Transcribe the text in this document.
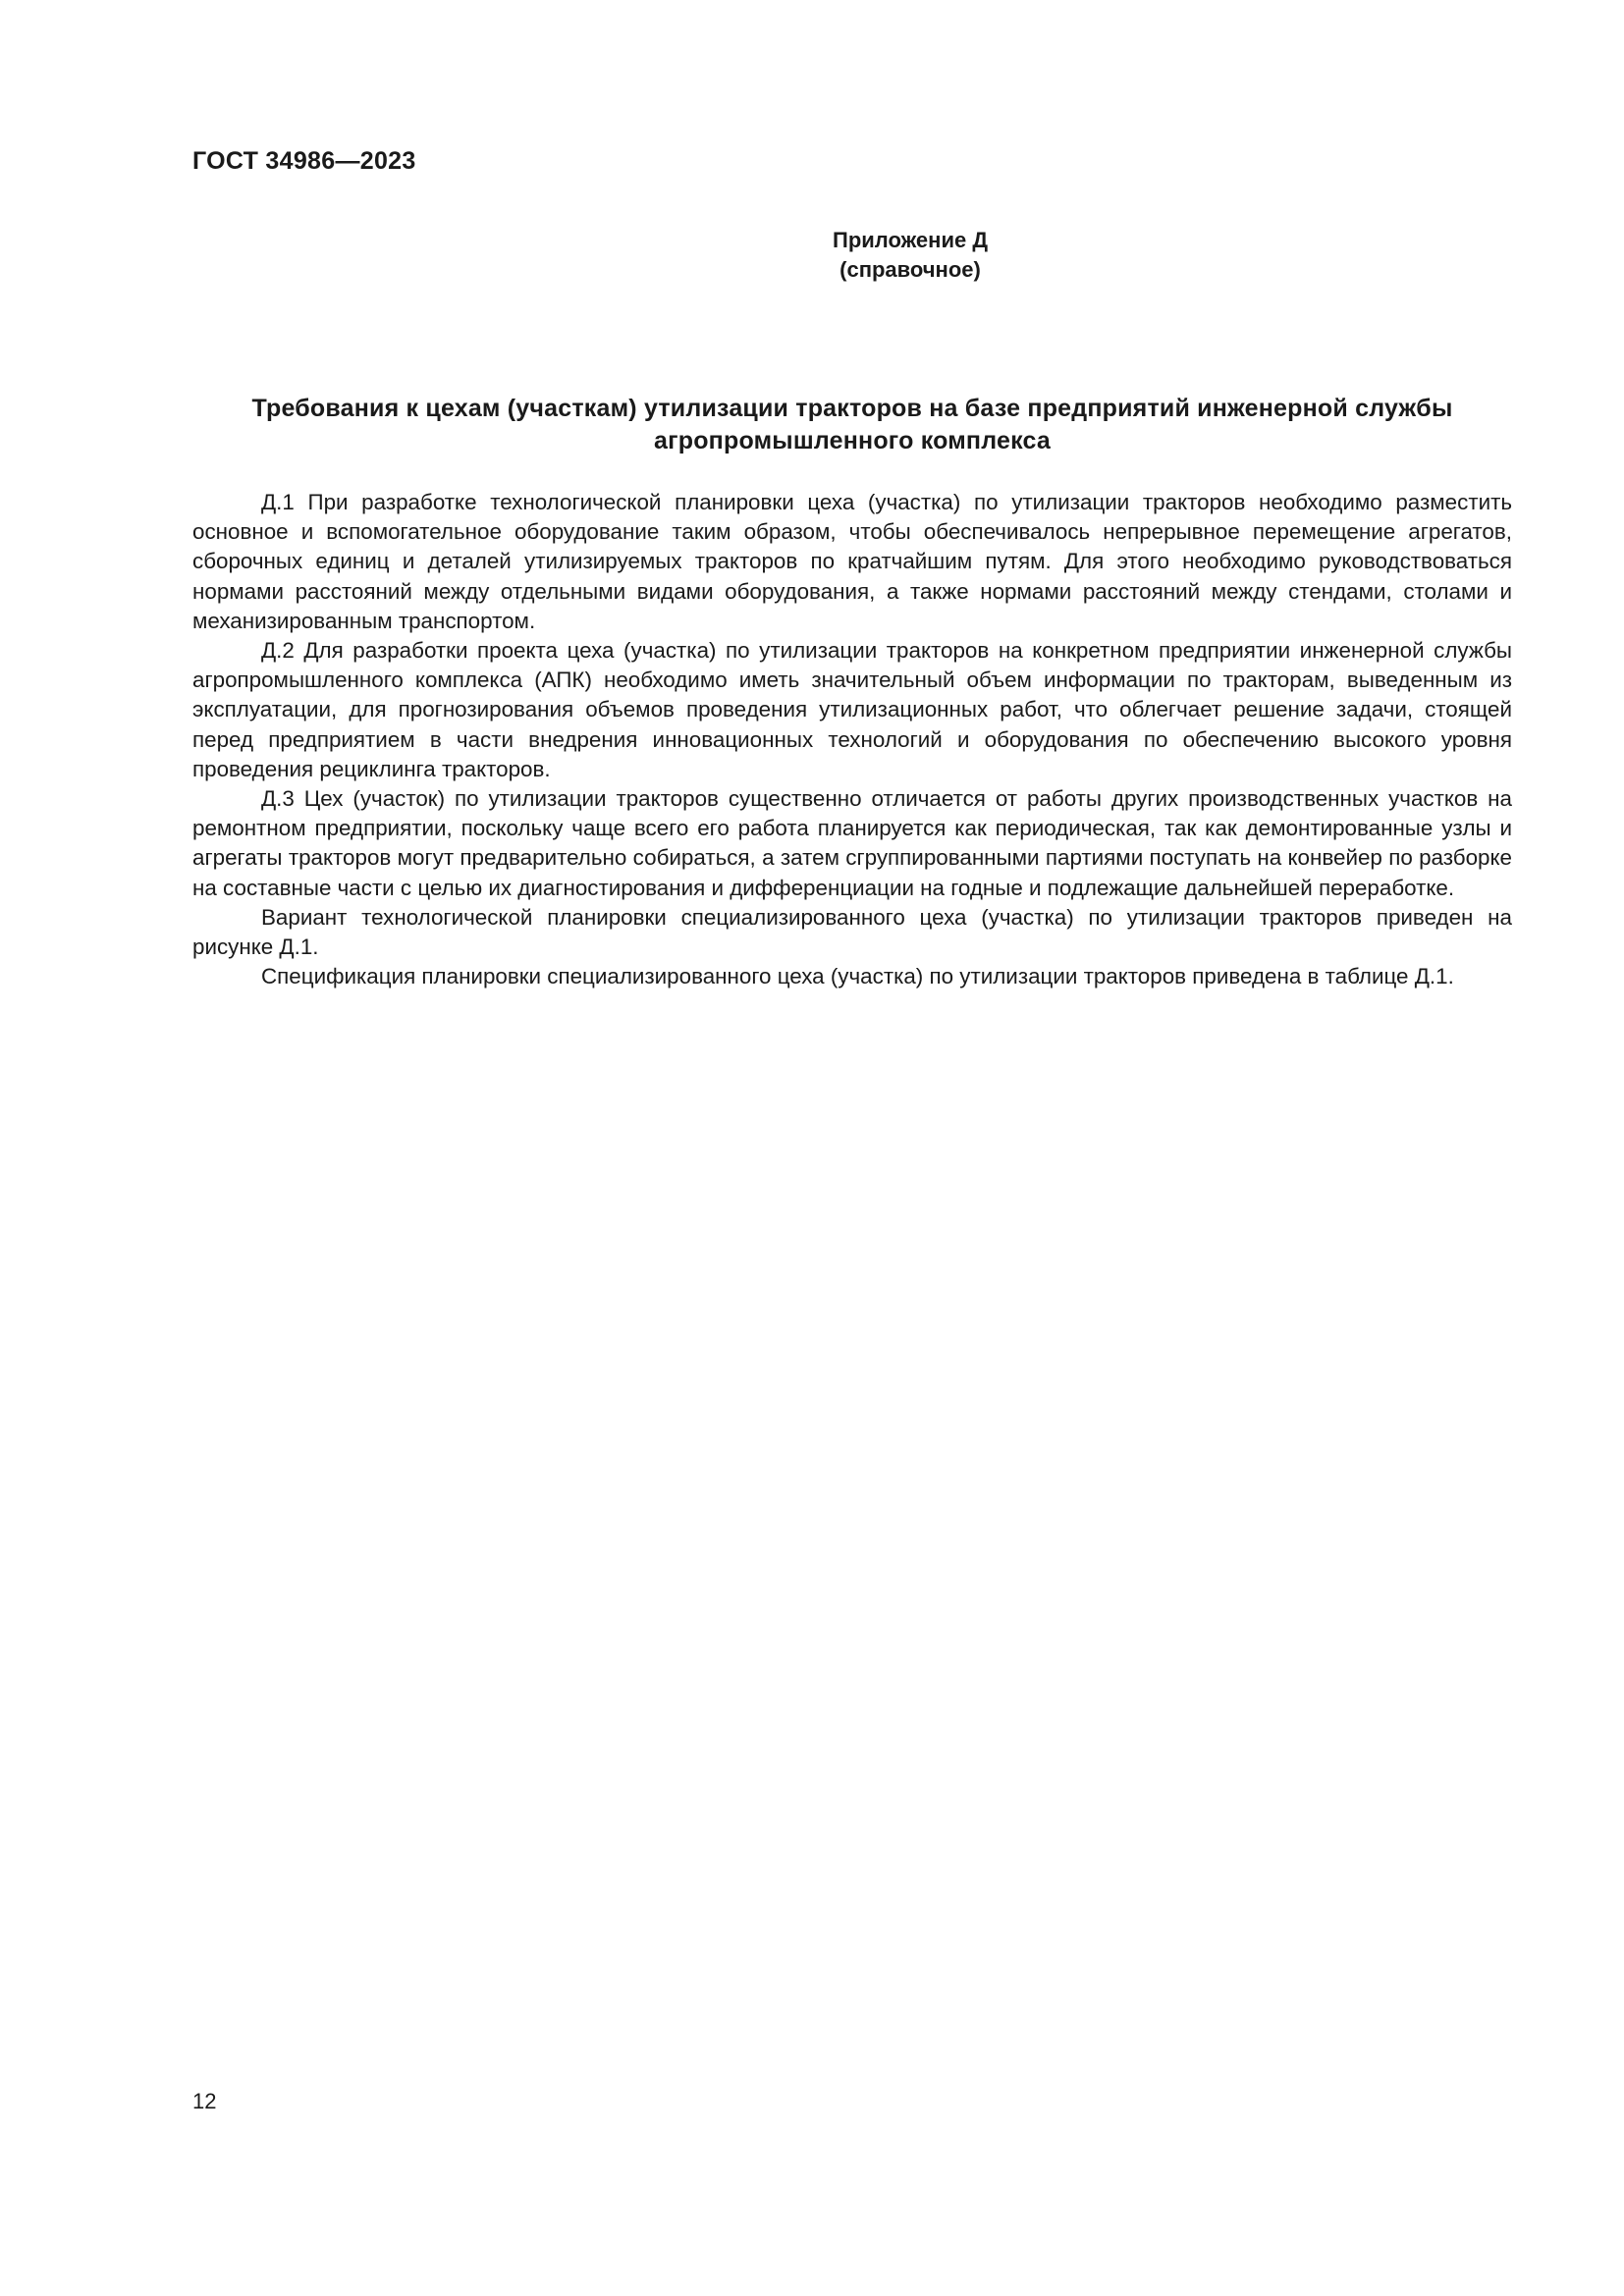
ГОСТ 34986—2023
Приложение Д
(справочное)
Требования к цехам (участкам) утилизации тракторов на базе предприятий инженерной службы
агропромышленного комплекса

Д.1 При разработке технологической планировки цеха (участка) по утилизации тракторов необходимо разместить основное и вспомогательное оборудование таким образом, чтобы обеспечивалось непрерывное перемещение агрегатов, сборочных единиц и деталей утилизируемых тракторов по кратчайшим путям. Для этого необходимо руководствоваться нормами расстояний между отдельными видами оборудования, а также нормами расстояний между стендами, столами и механизированным транспортом.

Д.2 Для разработки проекта цеха (участка) по утилизации тракторов на конкретном предприятии инженерной службы агропромышленного комплекса (АПК) необходимо иметь значительный объем информации по тракторам, выведенным из эксплуатации, для прогнозирования объемов проведения утилизационных работ, что облегчает решение задачи, стоящей перед предприятием в части внедрения инновационных технологий и оборудования по обеспечению высокого уровня проведения рециклинга тракторов.

Д.3 Цех (участок) по утилизации тракторов существенно отличается от работы других производственных участков на ремонтном предприятии, поскольку чаще всего его работа планируется как периодическая, так как демонтированные узлы и агрегаты тракторов могут предварительно собираться, а затем сгруппированными партиями поступать на конвейер по разборке на составные части с целью их диагностирования и дифференциации на годные и подлежащие дальнейшей переработке.

Вариант технологической планировки специализированного цеха (участка) по утилизации тракторов приведен на рисунке Д.1.

Спецификация планировки специализированного цеха (участка) по утилизации тракторов приведена в таблице Д.1.

12
